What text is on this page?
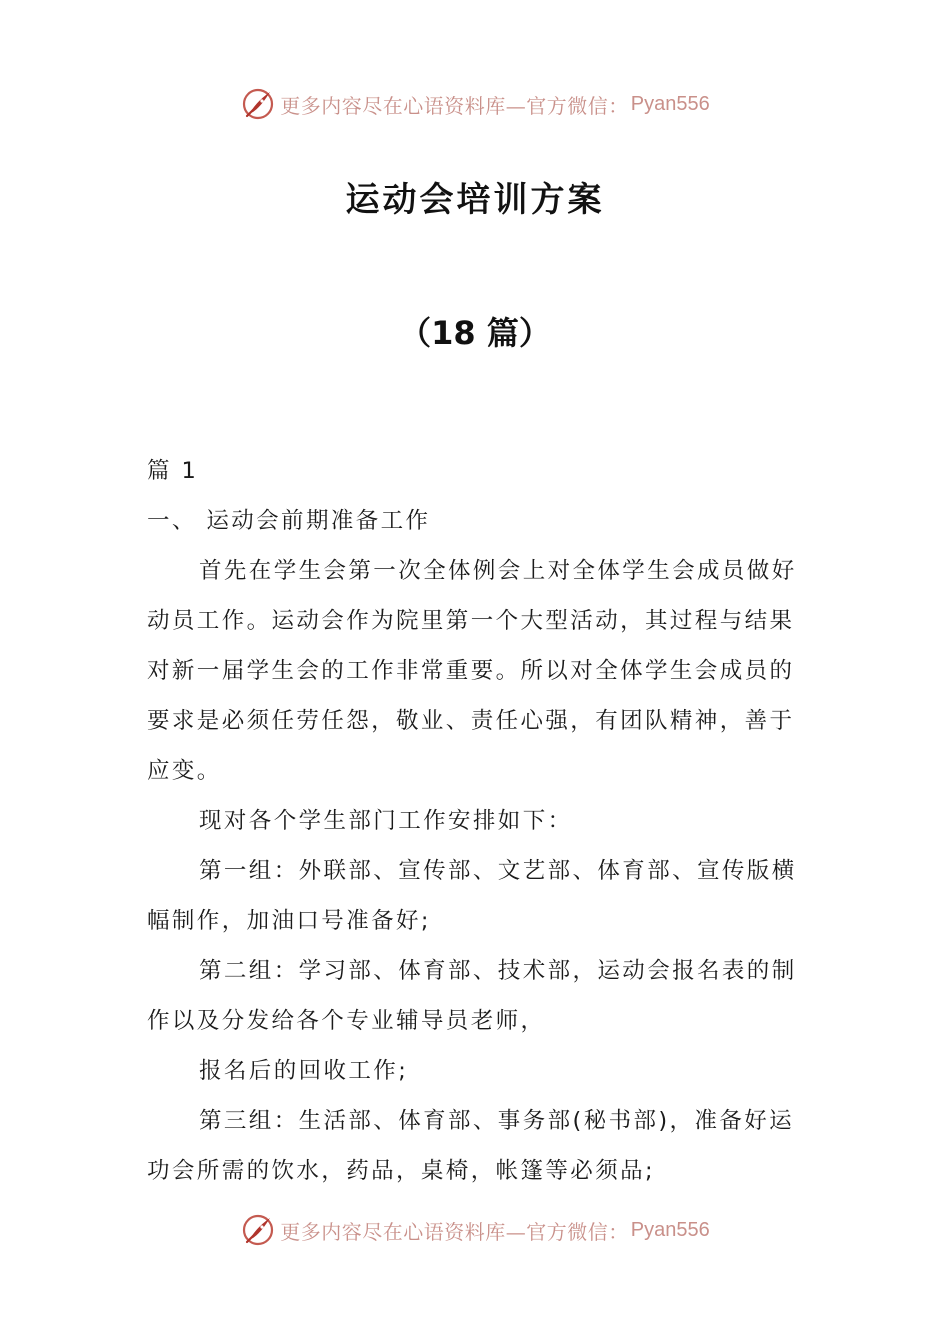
更多内容尽在心语资料库—官方微信： Pyan556
运动会培训方案
（18 篇）

篇 1

一、 运动会前期准备工作

首先在学生会第一次全体例会上对全体学生会成员做好动员工作。运动会作为院里第一个大型活动，其过程与结果对新一届学生会的工作非常重要。所以对全体学生会成员的要求是必须任劳任怨，敬业、责任心强，有团队精神，善于应变。

现对各个学生部门工作安排如下：

第一组：外联部、宣传部、文艺部、体育部、宣传版横幅制作，加油口号准备好;

第二组：学习部、体育部、技术部，运动会报名表的制作以及分发给各个专业辅导员老师，

报名后的回收工作;

第三组：生活部、体育部、事务部(秘书部)，准备好运功会所需的饮水，药品，桌椅，帐篷等必须品;

更多内容尽在心语资料库—官方微信： Pyan556
